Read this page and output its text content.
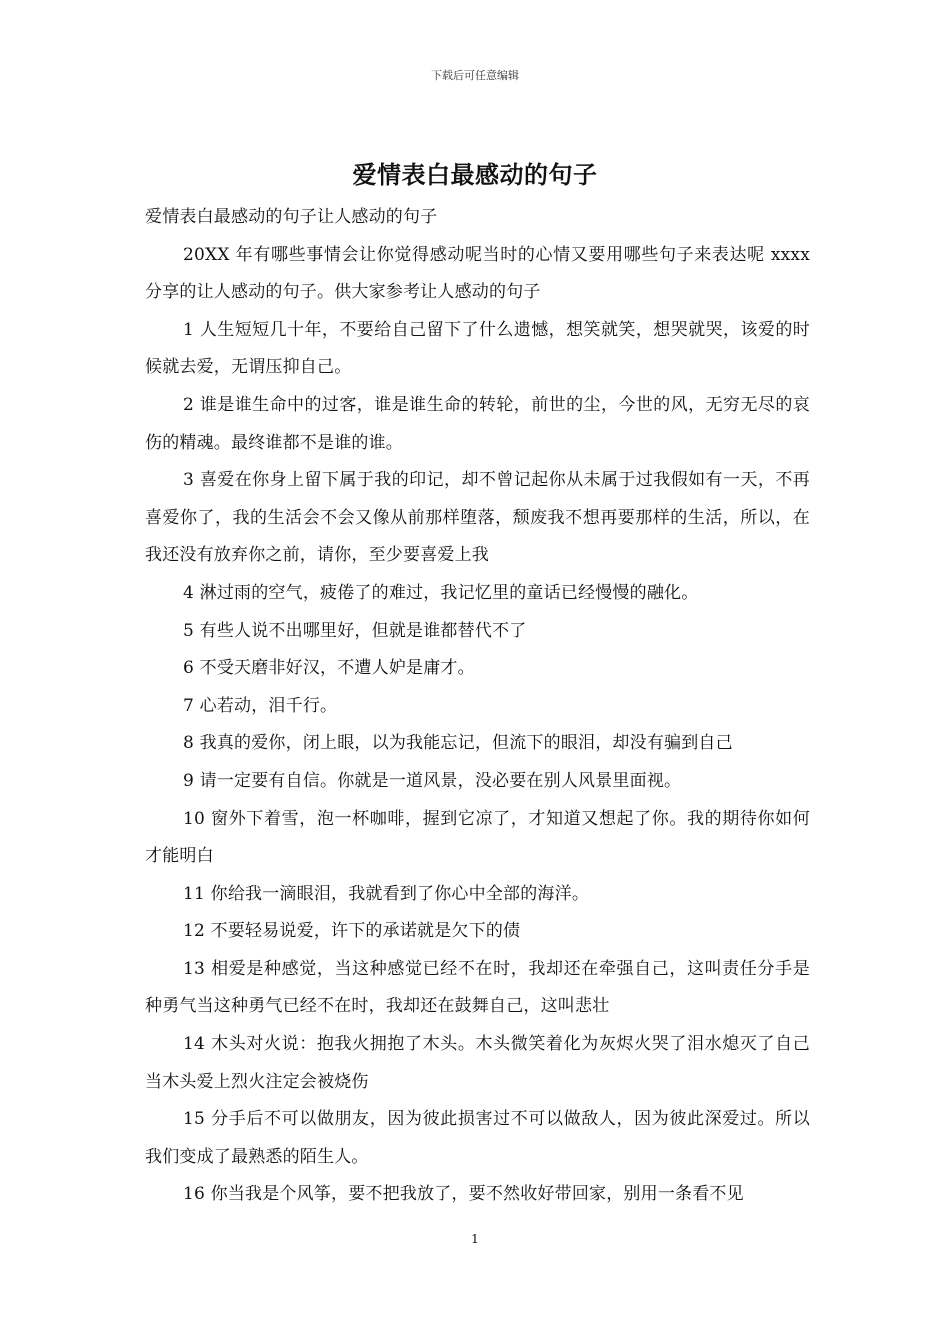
下载后可任意编辑
爱情表白最感动的句子

爱情表白最感动的句子让人感动的句子

20XX 年有哪些事情会让你觉得感动呢当时的心情又要用哪些句子来表达呢 xxxx 分享的让人感动的句子。供大家参考让人感动的句子

1 人生短短几十年，不要给自己留下了什么遗憾，想笑就笑，想哭就哭，该爱的时候就去爱，无谓压抑自己。

2 谁是谁生命中的过客，谁是谁生命的转轮，前世的尘，今世的风，无穷无尽的哀伤的精魂。最终谁都不是谁的谁。

3 喜爱在你身上留下属于我的印记，却不曾记起你从未属于过我假如有一天，不再喜爱你了，我的生活会不会又像从前那样堕落，颓废我不想再要那样的生活，所以，在我还没有放弃你之前，请你，至少要喜爱上我

4 淋过雨的空气，疲倦了的难过，我记忆里的童话已经慢慢的融化。

5 有些人说不出哪里好，但就是谁都替代不了

6 不受天磨非好汉，不遭人妒是庸才。

7 心若动，泪千行。

8 我真的爱你，闭上眼，以为我能忘记，但流下的眼泪，却没有骗到自己

9 请一定要有自信。你就是一道风景，没必要在别人风景里面视。

10 窗外下着雪，泡一杯咖啡，握到它凉了，才知道又想起了你。我的期待你如何才能明白

11 你给我一滴眼泪，我就看到了你心中全部的海洋。

12 不要轻易说爱，许下的承诺就是欠下的债

13 相爱是种感觉，当这种感觉已经不在时，我却还在牵强自己，这叫责任分手是种勇气当这种勇气已经不在时，我却还在鼓舞自己，这叫悲壮

14 木头对火说：抱我火拥抱了木头。木头微笑着化为灰烬火哭了泪水熄灭了自己当木头爱上烈火注定会被烧伤

15 分手后不可以做朋友，因为彼此损害过不可以做敌人，因为彼此深爱过。所以我们变成了最熟悉的陌生人。

16 你当我是个风筝，要不把我放了，要不然收好带回家，别用一条看不见

1
